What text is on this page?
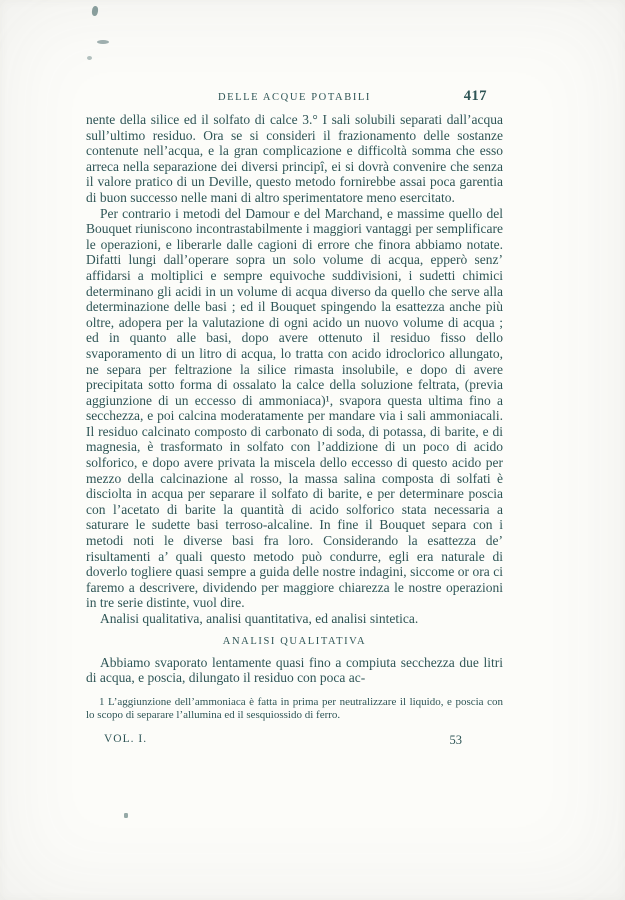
DELLE ACQUE POTABILI	417

nente della silice ed il solfato di calce 3.° I sali solubili separati dall’acqua sull’ultimo residuo. Ora se si consideri il frazionamento delle sostanze contenute nell’acqua, e la gran complicazione e difficoltà somma che esso arreca nella separazione dei diversi principî, ei si dovrà convenire che senza il valore pratico di un Deville, questo metodo fornirebbe assai poca garentia di buon successo nelle mani di altro sperimentatore meno esercitato.

Per contrario i metodi del Damour e del Marchand, e massime quello del Bouquet riuniscono incontrastabilmente i maggiori vantaggi per semplificare le operazioni, e liberarle dalle cagioni di errore che finora abbiamo notate. Difatti lungi dall’operare sopra un solo volume di acqua, epperò senz’ affidarsi a moltiplici e sempre equivoche suddivisioni, i sudetti chimici determinano gli acidi in un volume di acqua diverso da quello che serve alla determinazione delle basi ; ed il Bouquet spingendo la esattezza anche più oltre, adopera per la valutazione di ogni acido un nuovo volume di acqua ; ed in quanto alle basi, dopo avere ottenuto il residuo fisso dello svaporamento di un litro di acqua, lo tratta con acido idroclorico allungato, ne separa per feltrazione la silice rimasta insolubile, e dopo di avere precipitata sotto forma di ossalato la calce della soluzione feltrata, (previa aggiunzione di un eccesso di ammoniaca)¹, svapora questa ultima fino a secchezza, e poi calcina moderatamente per mandare via i sali ammoniacali. Il residuo calcinato composto di carbonato di soda, di potassa, di barite, e di magnesia, è trasformato in solfato con l’addizione di un poco di acido solforico, e dopo avere privata la miscela dello eccesso di questo acido per mezzo della calcinazione al rosso, la massa salina composta di solfati è disciolta in acqua per separare il solfato di barite, e per determinare poscia con l’acetato di barite la quantità di acido solforico stata necessaria a saturare le sudette basi terroso-alcaline. In fine il Bouquet separa con i metodi noti le diverse basi fra loro. Considerando la esattezza de’ risultamenti a’ quali questo metodo può condurre, egli era naturale di doverlo togliere quasi sempre a guida delle nostre indagini, siccome or ora ci faremo a descrivere, dividendo per maggiore chiarezza le nostre operazioni in tre serie distinte, vuol dire.

Analisi qualitativa, analisi quantitativa, ed analisi sintetica.

ANALISI QUALITATIVA

Abbiamo svaporato lentamente quasi fino a compiuta secchezza due litri di acqua, e poscia, dilungato il residuo con poca ac-

1 L’aggiunzione dell’ammoniaca è fatta in prima per neutralizzare il liquido, e poscia con lo scopo di separare l’allumina ed il sesquiossido di ferro.

VOL. I.	53
